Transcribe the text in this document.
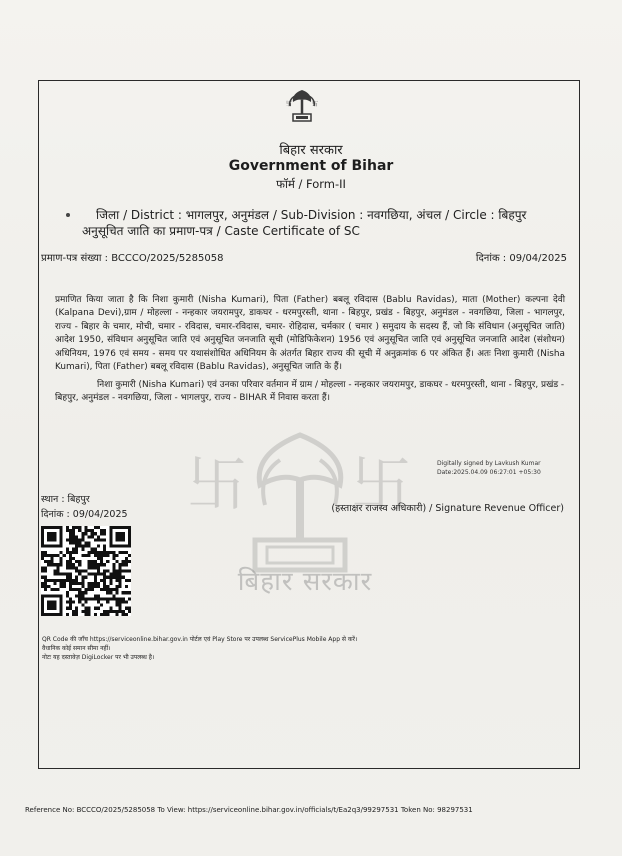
卐	卐
卐 卐
बिहार सरकार
बिहार सरकार
Government of Bihar
फॉर्म / Form-II
जिला / District : भागलपुर, अनुमंडल / Sub-Division : नवगछिया, अंचल / Circle : बिहपुर
अनुसूचित जाति का प्रमाण-पत्र / Caste Certificate of SC
प्रमाण-पत्र संख्या : BCCCO/2025/5285058	दिनांक : 09/04/2025
प्रमाणित किया जाता है कि निशा कुमारी (Nisha Kumari), पिता (Father) बबलू रविदास (Bablu Ravidas), माता (Mother) कल्पना देवी (Kalpana Devi),ग्राम / मोहल्ला - नन्हकार जयरामपुर, डाकघर - धरमपुरस्ती, थाना - बिहपुर, प्रखंड - बिहपुर, अनुमंडल - नवगछिया, जिला - भागलपुर, राज्य - बिहार के चमार, मोची, चमार - रविदास, चमार-रविदास, चमार- रोहिदास, चर्मकार ( चमार ) समुदाय के सदस्य हैं, जो कि संविधान (अनुसूचित जाति) आदेश 1950, संविधान अनुसूचित जाति एवं अनुसूचित जनजाति सूची (मोडिफिकेशन) 1956 एवं अनुसूचित जाति एवं अनुसूचित जनजाति आदेश (संशोधन) अधिनियम, 1976 एवं समय - समय पर यथासंशोधित अधिनियम के अंतर्गत बिहार राज्य की सूची में अनुक्रमांक 6 पर अंकित हैं। अतः निशा कुमारी (Nisha Kumari), पिता (Father) बबलू रविदास (Bablu Ravidas), अनुसूचित जाति के हैं।
निशा कुमारी (Nisha Kumari) एवं उनका परिवार वर्तमान में ग्राम / मोहल्ला - नन्हकार जयरामपुर, डाकघर - धरमपुरस्ती, थाना - बिहपुर, प्रखंड - बिहपुर, अनुमंडल - नवगछिया, जिला - भागलपुर, राज्य - BIHAR में निवास करता हैं।
Digitally signed by Lavkush Kumar
Date:2025.04.09 06:27:01 +05:30
स्थान : बिहपुर
दिनांक : 09/04/2025
(हस्ताक्षर राजस्व अधिकारी) / Signature Revenue Officer)
QR Code की जाँच https://serviceonline.bihar.gov.in पोर्टल एवं Play Store पर उपलब्ध ServicePlus Mobile App से करें।
वैधानिक कोई समान सीमा नहीं।
नोटः यह दस्तावेज़ DigiLocker पर भी उपलब्ध है।
Reference No: BCCCO/2025/5285058 To View: https://serviceonline.bihar.gov.in/officials/t/Ea2q3/99297531 Token No: 98297531
